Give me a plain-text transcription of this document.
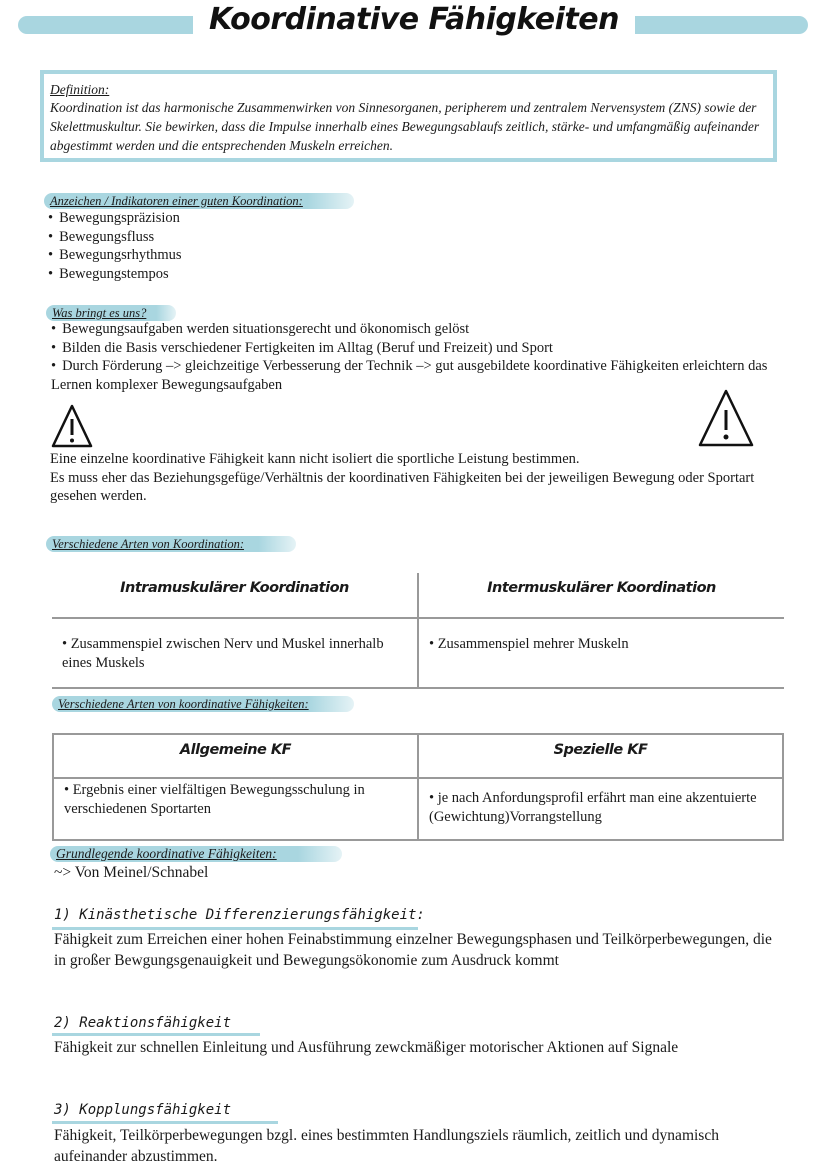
Koordinative Fähigkeiten
Definition:
Koordination ist das harmonische Zusammenwirken von Sinnesorganen, peripherem und zentralem Nervensystem (ZNS) sowie der Skelettmuskultur. Sie bewirken, dass die Impulse innerhalb eines Bewegungsablaufs zeitlich, stärke- und umfangmäßig aufeinander abgestimmt werden und die entsprechenden Muskeln erreichen.
Anzeichen / Indikatoren einer guten Koordination:
• Bewegungspräzision
• Bewegungsfluss
• Bewegungsrhythmus
• Bewegungstempos
Was bringt es uns?
• Bewegungsaufgaben werden situationsgerecht und ökonomisch gelöst
• Bilden die Basis verschiedener Fertigkeiten im Alltag (Beruf und Freizeit) und Sport
• Durch Förderung –> gleichzeitige Verbesserung der Technik –> gut ausgebildete koordinative Fähigkeiten erleichtern das Lernen komplexer Bewegungsaufgaben
Eine einzelne koordinative Fähigkeit kann nicht isoliert die sportliche Leistung bestimmen.
Es muss eher das Beziehungsgefüge/Verhältnis der koordinativen Fähigkeiten bei der jeweiligen Bewegung oder Sportart gesehen werden.
Verschiedene Arten von Koordination:
Intramuskulärer Koordination	Intermuskulärer Koordination
• Zusammenspiel zwischen Nerv und Muskel innerhalb eines Muskels	• Zusammenspiel mehrer Muskeln
Verschiedene Arten von koordinative Fähigkeiten:
Allgemeine KF	Spezielle KF
• Ergebnis einer vielfältigen Bewegungsschulung in verschiedenen Sportarten	• je nach Anfordungsprofil erfährt man eine akzentuierte (Gewichtung)Vorrangstellung
Grundlegende koordinative Fähigkeiten:
~> Von Meinel/Schnabel
1) Kinästhetische Differenzierungsfähigkeit:
Fähigkeit zum Erreichen einer hohen Feinabstimmung einzelner Bewegungsphasen und Teilkörperbewegungen, die in großer Bewgungsgenauigkeit und Bewegungsökonomie zum Ausdruck kommt
2) Reaktionsfähigkeit
Fähigkeit zur schnellen Einleitung und Ausführung zewckmäßiger motorischer Aktionen auf Signale
3) Kopplungsfähigkeit
Fähigkeit, Teilkörperbewegungen bzgl. eines bestimmten Handlungsziels räumlich, zeitlich und dynamisch aufeinander abzustimmen.
